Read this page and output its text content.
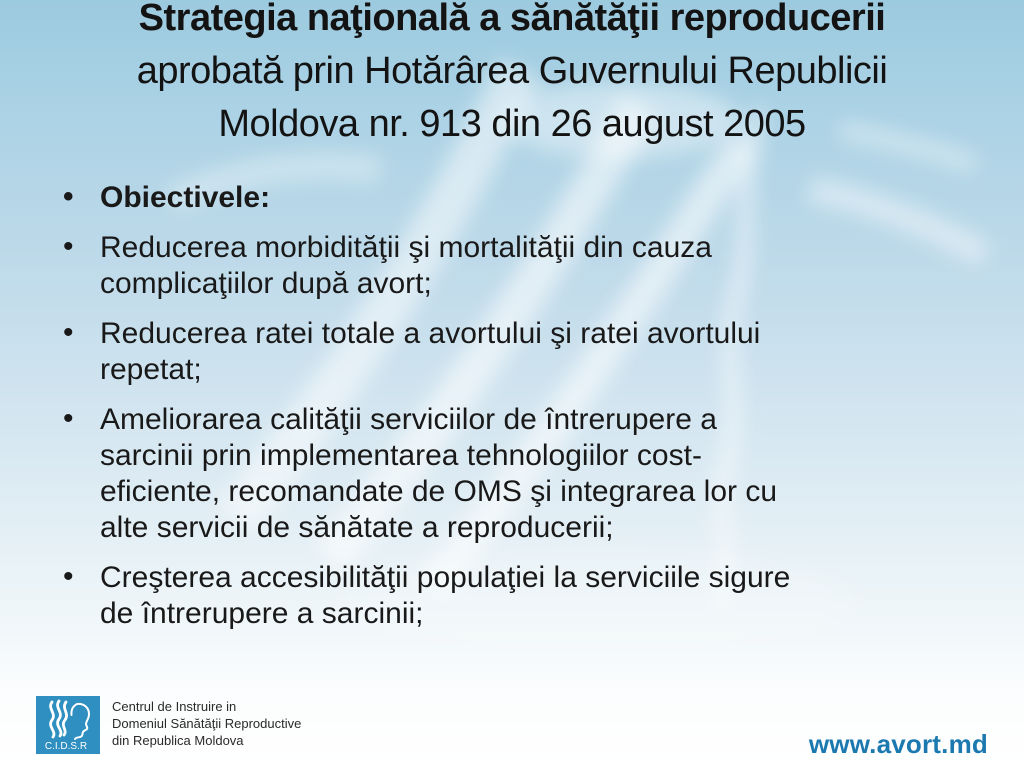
Strategia naţională a sănătăţii reproducerii
aprobată prin Hotărârea Guvernului Republicii
Moldova nr. 913 din 26 august 2005
• Obiectivele:
• Reducerea morbidităţii şi mortalităţii din cauza
complicaţiilor după avort;
• Reducerea ratei totale a avortului şi ratei avortului
repetat;
• Ameliorarea calităţii serviciilor de întrerupere a
sarcinii prin implementarea tehnologiilor cost-
eficiente, recomandate de OMS şi integrarea lor cu
alte servicii de sănătate a reproducerii;
• Creşterea accesibilităţii populaţiei la serviciile sigure
de întrerupere a sarcinii;
C.I.D.S.R
Centrul de Instruire in
Domeniul Sănătăţii Reproductive
din Republica Moldova	www.avort.md
